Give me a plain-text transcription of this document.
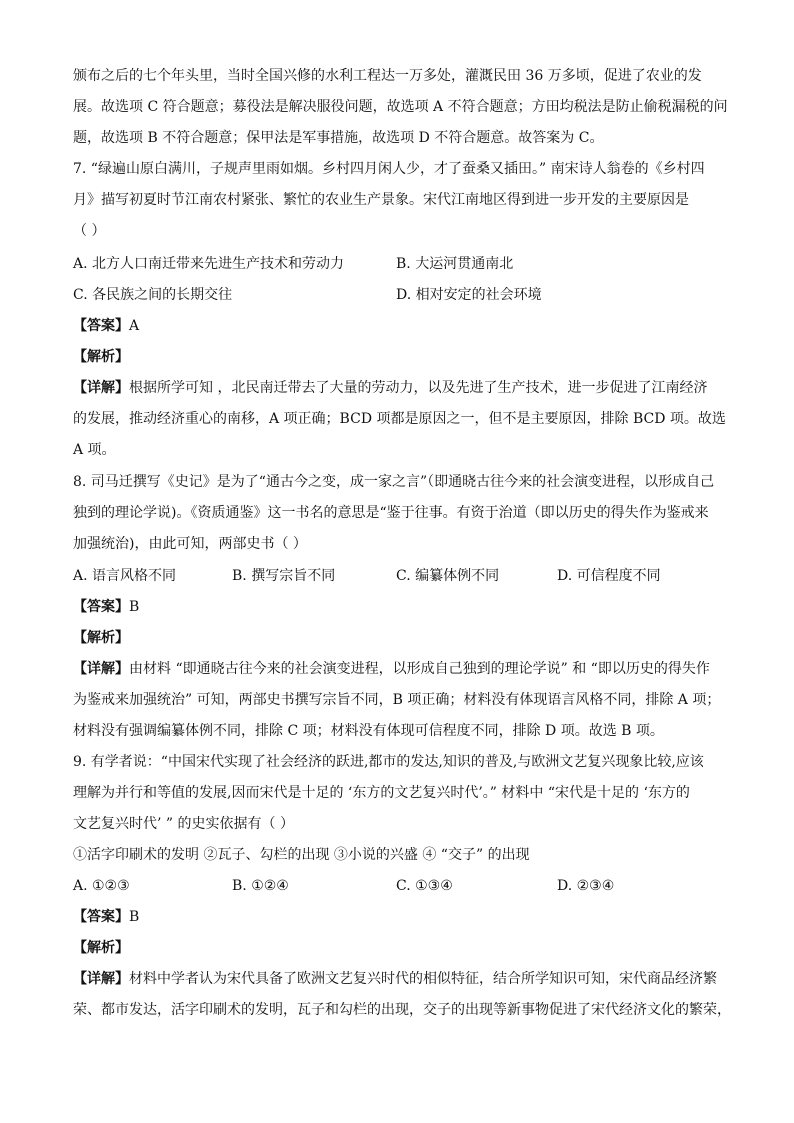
颁布之后的七个年头里，当时全国兴修的水利工程达一万多处，灌溉民田 36 万多顷，促进了农业的发
展。故选项 C 符合题意；募役法是解决服役问题，故选项 A 不符合题意；方田均税法是防止偷税漏税的问
题，故选项 B 不符合题意；保甲法是军事措施，故选项 D 不符合题意。故答案为 C。
7. “绿遍山原白满川，子规声里雨如烟。乡村四月闲人少，才了蚕桑又插田。” 南宋诗人翁卷的《乡村四
月》描写初夏时节江南农村紧张、繁忙的农业生产景象。宋代江南地区得到进一步开发的主要原因是
（ ）
A. 北方人口南迁带来先进生产技术和劳动力	B. 大运河贯通南北
C. 各民族之间的长期交往	D. 相对安定的社会环境
【答案】A
【解析】
【详解】根据所学可知 ，北民南迁带去了大量的劳动力，以及先进了生产技术，进一步促进了江南经济
的发展，推动经济重心的南移，A 项正确；BCD 项都是原因之一，但不是主要原因，排除 BCD 项。故选
A 项。
8. 司马迁撰写《史记》是为了“通古今之变，成一家之言”（即通晓古往今来的社会演变进程，以形成自己
独到的理论学说)。《资质通鉴》这一书名的意思是“鉴于往事。有资于治道（即以历史的得失作为鉴戒来
加强统治)，由此可知，两部史书（ ）
A. 语言风格不同	B. 撰写宗旨不同	C. 编纂体例不同	D. 可信程度不同
【答案】B
【解析】
【详解】由材料 “即通晓古往今来的社会演变进程，以形成自己独到的理论学说” 和 “即以历史的得失作
为鉴戒来加强统治” 可知，两部史书撰写宗旨不同，B 项正确；材料没有体现语言风格不同，排除 A 项；
材料没有强调编纂体例不同，排除 C 项；材料没有体现可信程度不同，排除 D 项。故选 B 项。
9. 有学者说：“中国宋代实现了社会经济的跃进,都市的发达,知识的普及,与欧洲文艺复兴现象比较,应该
理解为并行和等值的发展,因而宋代是十足的 ‘东方的文艺复兴时代’。” 材料中 “宋代是十足的 ‘东方的
文艺复兴时代’ ” 的史实依据有（ ）
①活字印刷术的发明 ②瓦子、勾栏的出现 ③小说的兴盛 ④ “交子” 的出现
A. ①②③	B. ①②④	C. ①③④	D. ②③④
【答案】B
【解析】
【详解】材料中学者认为宋代具备了欧洲文艺复兴时代的相似特征，结合所学知识可知，宋代商品经济繁
荣、都市发达，活字印刷术的发明，瓦子和勾栏的出现，交子的出现等新事物促进了宋代经济文化的繁荣，
